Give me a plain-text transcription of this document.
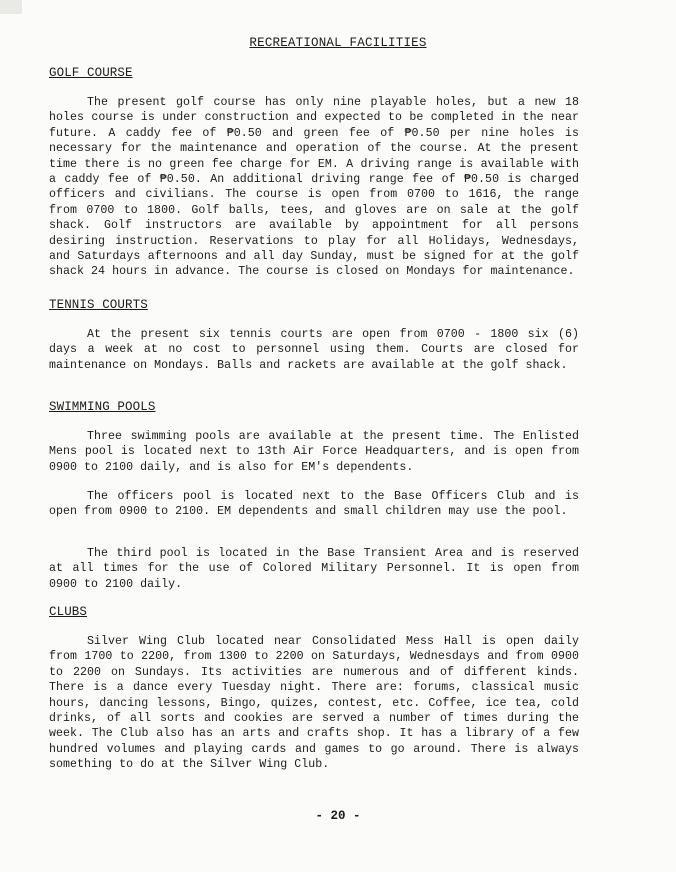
RECREATIONAL FACILITIES
GOLF COURSE
The present golf course has only nine playable holes, but a new 18 holes course is under construction and expected to be completed in the near future. A caddy fee of ₱0.50 and green fee of ₱0.50 per nine holes is necessary for the maintenance and operation of the course. At the present time there is no green fee charge for EM. A driving range is available with a caddy fee of ₱0.50. An additional driving range fee of ₱0.50 is charged officers and civilians. The course is open from 0700 to 1616, the range from 0700 to 1800. Golf balls, tees, and gloves are on sale at the golf shack. Golf instructors are available by appointment for all persons desiring instruction. Reservations to play for all Holidays, Wednesdays, and Saturdays afternoons and all day Sunday, must be signed for at the golf shack 24 hours in advance. The course is closed on Mondays for maintenance.
TENNIS COURTS
At the present six tennis courts are open from 0700 - 1800 six (6) days a week at no cost to personnel using them. Courts are closed for maintenance on Mondays. Balls and rackets are available at the golf shack.
SWIMMING POOLS
Three swimming pools are available at the present time. The Enlisted Mens pool is located next to 13th Air Force Headquarters, and is open from 0900 to 2100 daily, and is also for EM's dependents.
The officers pool is located next to the Base Officers Club and is open from 0900 to 2100. EM dependents and small children may use the pool.
The third pool is located in the Base Transient Area and is reserved at all times for the use of Colored Military Personnel. It is open from 0900 to 2100 daily.
CLUBS
Silver Wing Club located near Consolidated Mess Hall is open daily from 1700 to 2200, from 1300 to 2200 on Saturdays, Wednesdays and from 0900 to 2200 on Sundays. Its activities are numerous and of different kinds. There is a dance every Tuesday night. There are: forums, classical music hours, dancing lessons, Bingo, quizes, contest, etc. Coffee, ice tea, cold drinks, of all sorts and cookies are served a number of times during the week. The Club also has an arts and crafts shop. It has a library of a few hundred volumes and playing cards and games to go around. There is always something to do at the Silver Wing Club.
- 20 -
